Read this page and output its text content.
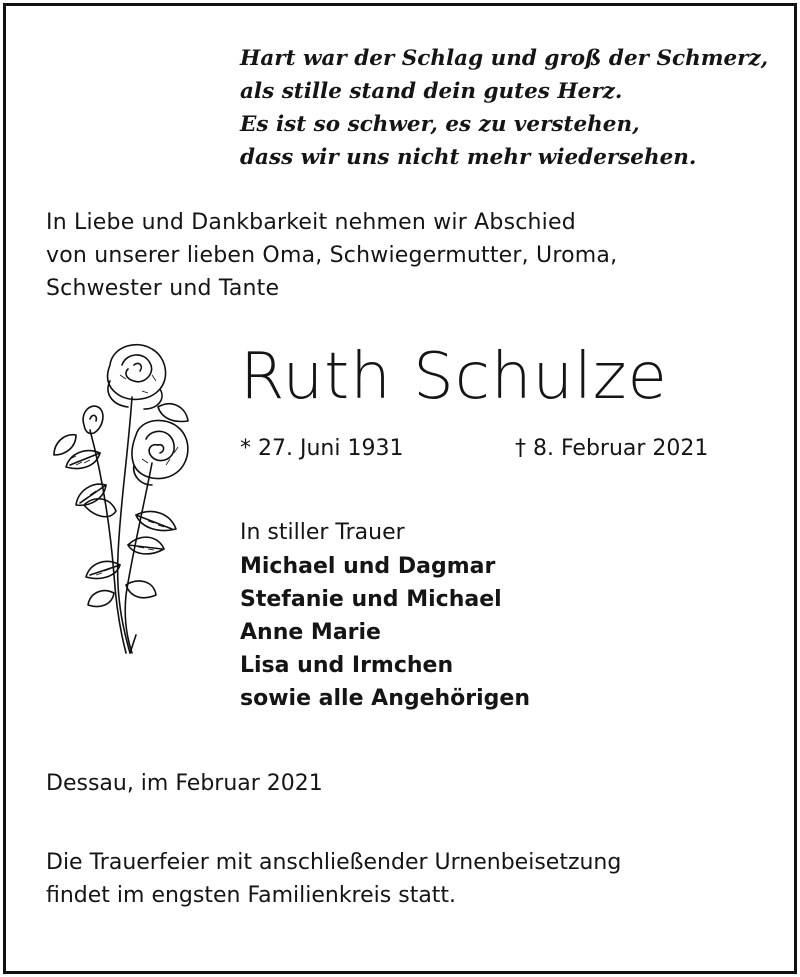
Hart war der Schlag und groß der Schmerz,
als stille stand dein gutes Herz.
Es ist so schwer, es zu verstehen,
dass wir uns nicht mehr wiedersehen.
In Liebe und Dankbarkeit nehmen wir Abschied
von unserer lieben Oma, Schwiegermutter, Uroma,
Schwester und Tante
Ruth Schulze
* 27. Juni 1931	† 8. Februar 2021
In stiller Trauer
Michael und Dagmar
Stefanie und Michael
Anne Marie
Lisa und Irmchen
sowie alle Angehörigen
Dessau, im Februar 2021
Die Trauerfeier mit anschließender Urnenbeisetzung
findet im engsten Familienkreis statt.
